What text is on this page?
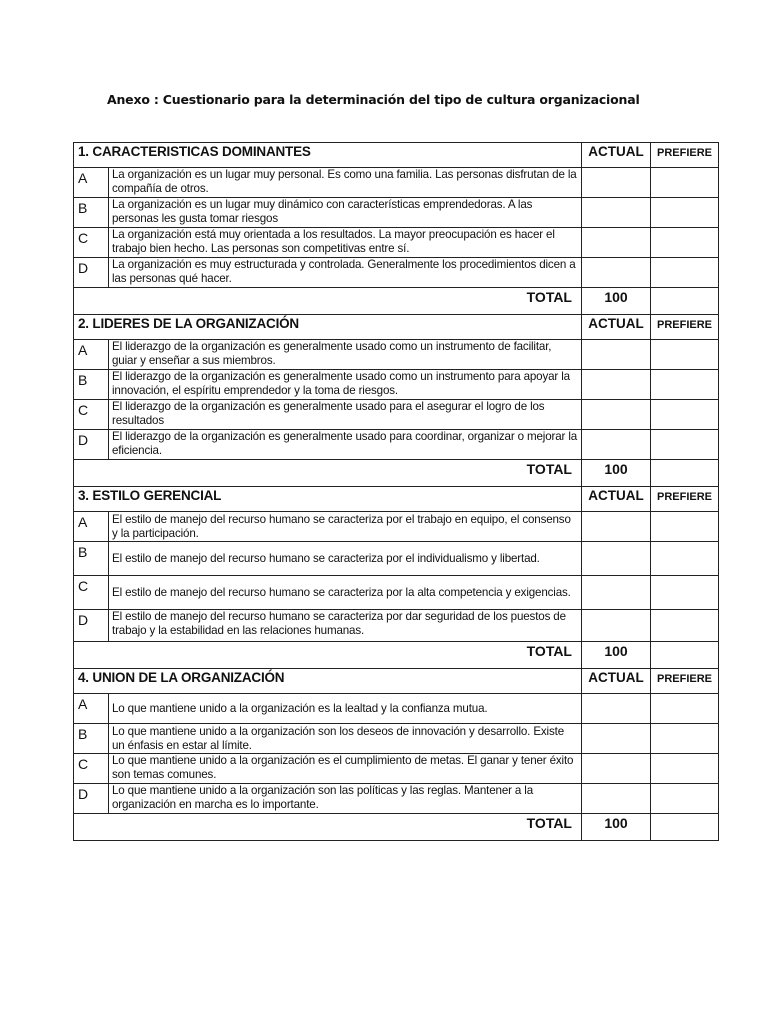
Anexo : Cuestionario para la determinación del tipo de cultura organizacional
1. CARACTERISTICAS DOMINANTES		ACTUAL	PREFIERE
A	La organización es un lugar muy personal. Es como una familia. Las personas disfrutan de la compañía de otros.		
B	La organización es un lugar muy dinámico con características emprendedoras. A las personas les gusta tomar riesgos		
C	La organización está muy orientada a los resultados. La mayor preocupación es hacer el trabajo bien hecho. Las personas son competitivas entre sí.		
D	La organización es muy estructurada y controlada. Generalmente los procedimientos dicen a las personas qué hacer.		
TOTAL		100	
2. LIDERES DE LA ORGANIZACIÓN		ACTUAL	PREFIERE
A	El liderazgo de la organización es generalmente usado como un instrumento de facilitar, guiar y enseñar a sus miembros.		
B	El liderazgo de la organización es generalmente usado como un instrumento para apoyar la innovación, el espíritu emprendedor y la toma de riesgos.		
C	El liderazgo de la organización es generalmente usado para el asegurar el logro de los resultados		
D	El liderazgo de la organización es generalmente usado para coordinar, organizar o mejorar la eficiencia.		
TOTAL		100	
3. ESTILO GERENCIAL		ACTUAL	PREFIERE
A	El estilo de manejo del recurso humano se caracteriza por el trabajo en equipo, el consenso y la participación.		
B	El estilo de manejo del recurso humano se caracteriza por el individualismo y libertad.		
C	El estilo de manejo del recurso humano se caracteriza por la alta competencia y exigencias.		
D	El estilo de manejo del recurso humano se caracteriza por dar seguridad de los puestos de trabajo y la estabilidad en las relaciones humanas.		
TOTAL		100	
4. UNION DE LA ORGANIZACIÓN		ACTUAL	PREFIERE
A	Lo que mantiene unido a la organización es la lealtad y la confianza mutua.		
B	Lo que mantiene unido a la organización son los deseos de innovación y desarrollo. Existe un énfasis en estar al límite.		
C	Lo que mantiene unido a la organización es el cumplimiento de metas. El ganar y tener éxito son temas comunes.		
D	Lo que mantiene unido a la organización son las políticas y las reglas. Mantener a la organización en marcha es lo importante.		
TOTAL		100	
